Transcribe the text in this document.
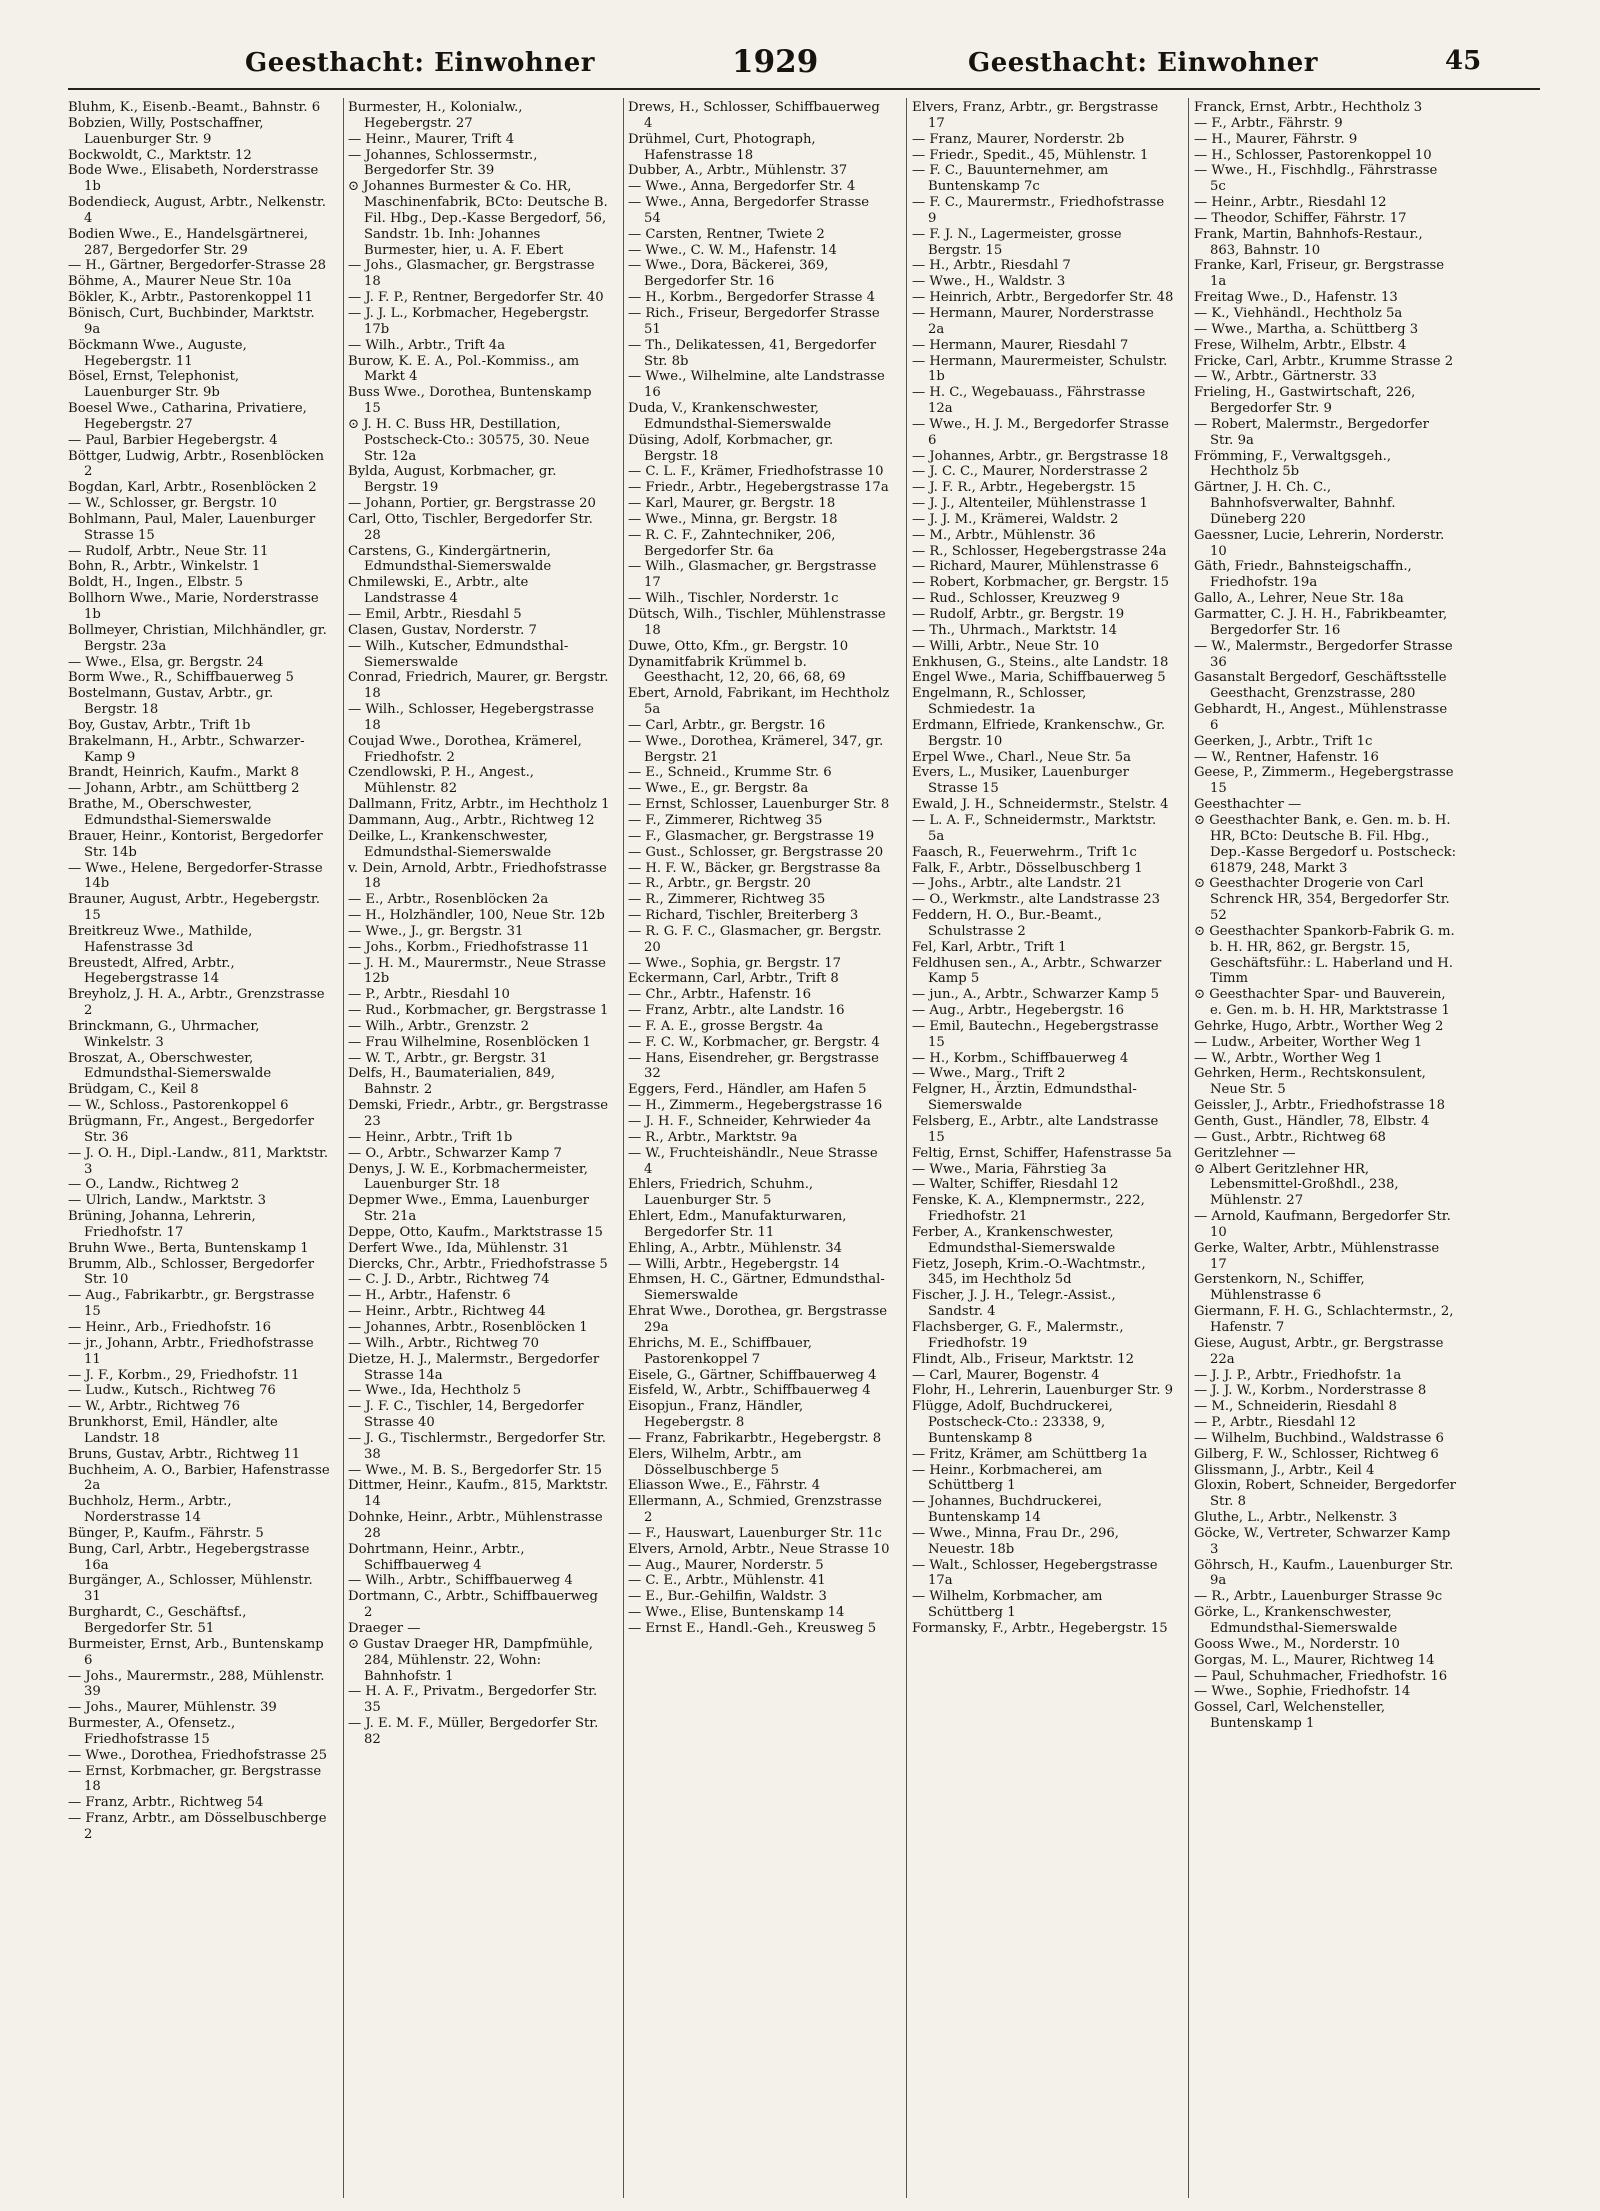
Geesthacht: Einwohner	1929	Geesthacht: Einwohner	45
Bluhm, K., Eisenb.-Beamt., Bahnstr. 6
Bobzien, Willy, Postschaffner, Lauenburger Str. 9
Bockwoldt, C., Marktstr. 12
Bode Wwe., Elisabeth, Norderstrasse 1b
Bodendieck, August, Arbtr., Nelkenstr. 4
Bodien Wwe., E., Handelsgärtnerei, 287, Bergedorfer Str. 29
— H., Gärtner, Bergedorfer-Strasse 28
Böhme, A., Maurer Neue Str. 10a
Bökler, K., Arbtr., Pastorenkoppel 11
Bönisch, Curt, Buchbinder, Marktstr. 9a
Böckmann Wwe., Auguste, Hegebergstr. 11
Bösel, Ernst, Telephonist, Lauenburger Str. 9b
Boesel Wwe., Catharina, Privatiere, Hegebergstr. 27
— Paul, Barbier Hegebergstr. 4
Böttger, Ludwig, Arbtr., Rosenblöcken 2
Bogdan, Karl, Arbtr., Rosenblöcken 2
— W., Schlosser, gr. Bergstr. 10
Bohlmann, Paul, Maler, Lauenburger Strasse 15
— Rudolf, Arbtr., Neue Str. 11
Bohn, R., Arbtr., Winkelstr. 1
Boldt, H., Ingen., Elbstr. 5
Bollhorn Wwe., Marie, Norderstrasse 1b
Bollmeyer, Christian, Milchhändler, gr. Bergstr. 23a
— Wwe., Elsa, gr. Bergstr. 24
Borm Wwe., R., Schiffbauerweg 5
Bostelmann, Gustav, Arbtr., gr. Bergstr. 18
Boy, Gustav, Arbtr., Trift 1b
Brakelmann, H., Arbtr., Schwarzer-Kamp 9
Brandt, Heinrich, Kaufm., Markt 8
— Johann, Arbtr., am Schüttberg 2
Brathe, M., Oberschwester, Edmundsthal-Siemerswalde
Brauer, Heinr., Kontorist, Bergedorfer Str. 14b
— Wwe., Helene, Bergedorfer-Strasse 14b
Brauner, August, Arbtr., Hegebergstr. 15
Breitkreuz Wwe., Mathilde, Hafenstrasse 3d
Breustedt, Alfred, Arbtr., Hegebergstrasse 14
Breyholz, J. H. A., Arbtr., Grenzstrasse 2
Brinckmann, G., Uhrmacher, Winkelstr. 3
Broszat, A., Oberschwester, Edmundsthal-Siemerswalde
Brüdgam, C., Keil 8
— W., Schloss., Pastorenkoppel 6
Brügmann, Fr., Angest., Bergedorfer Str. 36
— J. O. H., Dipl.-Landw., 811, Marktstr. 3
— O., Landw., Richtweg 2
— Ulrich, Landw., Marktstr. 3
Brüning, Johanna, Lehrerin, Friedhofstr. 17
Bruhn Wwe., Berta, Buntenskamp 1
Brumm, Alb., Schlosser, Bergedorfer Str. 10
— Aug., Fabrikarbtr., gr. Bergstrasse 15
— Heinr., Arb., Friedhofstr. 16
— jr., Johann, Arbtr., Friedhofstrasse 11
— J. F., Korbm., 29, Friedhofstr. 11
— Ludw., Kutsch., Richtweg 76
— W., Arbtr., Richtweg 76
Brunkhorst, Emil, Händler, alte Landstr. 18
Bruns, Gustav, Arbtr., Richtweg 11
Buchheim, A. O., Barbier, Hafenstrasse 2a
Buchholz, Herm., Arbtr., Norderstrasse 14
Bünger, P., Kaufm., Fährstr. 5
Bung, Carl, Arbtr., Hegebergstrasse 16a
Burgänger, A., Schlosser, Mühlenstr. 31
Burghardt, C., Geschäftsf., Bergedorfer Str. 51
Burmeister, Ernst, Arb., Buntenskamp 6
— Johs., Maurermstr., 288, Mühlenstr. 39
— Johs., Maurer, Mühlenstr. 39
Burmester, A., Ofensetz., Friedhofstrasse 15
— Wwe., Dorothea, Friedhofstrasse 25
— Ernst, Korbmacher, gr. Bergstrasse 18
— Franz, Arbtr., Richtweg 54
— Franz, Arbtr., am Dösselbuschberge 2
Burmester, H., Kolonialw., Hegebergstr. 27
— Heinr., Maurer, Trift 4
— Johannes, Schlossermstr., Bergedorfer Str. 39
⊙ Johannes Burmester & Co. HR, Maschinenfabrik, BCto: Deutsche B. Fil. Hbg., Dep.-Kasse Bergedorf, 56, Sandstr. 1b. Inh: Johannes Burmester, hier, u. A. F. Ebert
— Johs., Glasmacher, gr. Bergstrasse 18
— J. F. P., Rentner, Bergedorfer Str. 40
— J. J. L., Korbmacher, Hegebergstr. 17b
— Wilh., Arbtr., Trift 4a
Burow, K. E. A., Pol.-Kommiss., am Markt 4
Buss Wwe., Dorothea, Buntenskamp 15
⊙ J. H. C. Buss HR, Destillation, Postscheck-Cto.: 30575, 30. Neue Str. 12a
Bylda, August, Korbmacher, gr. Bergstr. 19
— Johann, Portier, gr. Bergstrasse 20
Carl, Otto, Tischler, Bergedorfer Str. 28
Carstens, G., Kindergärtnerin, Edmundsthal-Siemerswalde
Chmilewski, E., Arbtr., alte Landstrasse 4
— Emil, Arbtr., Riesdahl 5
Clasen, Gustav, Norderstr. 7
— Wilh., Kutscher, Edmundsthal-Siemerswalde
Conrad, Friedrich, Maurer, gr. Bergstr. 18
— Wilh., Schlosser, Hegebergstrasse 18
Coujad Wwe., Dorothea, Krämerel, Friedhofstr. 2
Czendlowski, P. H., Angest., Mühlenstr. 82
Dallmann, Fritz, Arbtr., im Hechtholz 1
Dammann, Aug., Arbtr., Richtweg 12
Deilke, L., Krankenschwester, Edmundsthal-Siemerswalde
v. Dein, Arnold, Arbtr., Friedhofstrasse 18
— E., Arbtr., Rosenblöcken 2a
— H., Holzhändler, 100, Neue Str. 12b
— Wwe., J., gr. Bergstr. 31
— Johs., Korbm., Friedhofstrasse 11
— J. H. M., Maurermstr., Neue Strasse 12b
— P., Arbtr., Riesdahl 10
— Rud., Korbmacher, gr. Bergstrasse 1
— Wilh., Arbtr., Grenzstr. 2
— Frau Wilhelmine, Rosenblöcken 1
— W. T., Arbtr., gr. Bergstr. 31
Delfs, H., Baumaterialien, 849, Bahnstr. 2
Demski, Friedr., Arbtr., gr. Bergstrasse 23
— Heinr., Arbtr., Trift 1b
— O., Arbtr., Schwarzer Kamp 7
Denys, J. W. E., Korbmachermeister, Lauenburger Str. 18
Depmer Wwe., Emma, Lauenburger Str. 21a
Deppe, Otto, Kaufm., Marktstrasse 15
Derfert Wwe., Ida, Mühlenstr. 31
Diercks, Chr., Arbtr., Friedhofstrasse 5
— C. J. D., Arbtr., Richtweg 74
— H., Arbtr., Hafenstr. 6
— Heinr., Arbtr., Richtweg 44
— Johannes, Arbtr., Rosenblöcken 1
— Wilh., Arbtr., Richtweg 70
Dietze, H. J., Malermstr., Bergedorfer Strasse 14a
— Wwe., Ida, Hechtholz 5
— J. F. C., Tischler, 14, Bergedorfer Strasse 40
— J. G., Tischlermstr., Bergedorfer Str. 38
— Wwe., M. B. S., Bergedorfer Str. 15
Dittmer, Heinr., Kaufm., 815, Marktstr. 14
Dohnke, Heinr., Arbtr., Mühlenstrasse 28
Dohrtmann, Heinr., Arbtr., Schiffbauerweg 4
— Wilh., Arbtr., Schiffbauerweg 4
Dortmann, C., Arbtr., Schiffbauerweg 2
Draeger —
⊙ Gustav Draeger HR, Dampfmühle, 284, Mühlenstr. 22, Wohn: Bahnhofstr. 1
— H. A. F., Privatm., Bergedorfer Str. 35
— J. E. M. F., Müller, Bergedorfer Str. 82
Drews, H., Schlosser, Schiffbauerweg 4
Drühmel, Curt, Photograph, Hafenstrasse 18
Dubber, A., Arbtr., Mühlenstr. 37
— Wwe., Anna, Bergedorfer Str. 4
— Wwe., Anna, Bergedorfer Strasse 54
— Carsten, Rentner, Twiete 2
— Wwe., C. W. M., Hafenstr. 14
— Wwe., Dora, Bäckerei, 369, Bergedorfer Str. 16
— H., Korbm., Bergedorfer Strasse 4
— Rich., Friseur, Bergedorfer Strasse 51
— Th., Delikatessen, 41, Bergedorfer Str. 8b
— Wwe., Wilhelmine, alte Landstrasse 16
Duda, V., Krankenschwester, Edmundsthal-Siemerswalde
Düsing, Adolf, Korbmacher, gr. Bergstr. 18
— C. L. F., Krämer, Friedhofstrasse 10
— Friedr., Arbtr., Hegebergstrasse 17a
— Karl, Maurer, gr. Bergstr. 18
— Wwe., Minna, gr. Bergstr. 18
— R. C. F., Zahntechniker, 206, Bergedorfer Str. 6a
— Wilh., Glasmacher, gr. Bergstrasse 17
— Wilh., Tischler, Norderstr. 1c
Dütsch, Wilh., Tischler, Mühlenstrasse 18
Duwe, Otto, Kfm., gr. Bergstr. 10
Dynamitfabrik Krümmel b. Geesthacht, 12, 20, 66, 68, 69
Ebert, Arnold, Fabrikant, im Hechtholz 5a
— Carl, Arbtr., gr. Bergstr. 16
— Wwe., Dorothea, Krämerel, 347, gr. Bergstr. 21
— E., Schneid., Krumme Str. 6
— Wwe., E., gr. Bergstr. 8a
— Ernst, Schlosser, Lauenburger Str. 8
— F., Zimmerer, Richtweg 35
— F., Glasmacher, gr. Bergstrasse 19
— Gust., Schlosser, gr. Bergstrasse 20
— H. F. W., Bäcker, gr. Bergstrasse 8a
— R., Arbtr., gr. Bergstr. 20
— R., Zimmerer, Richtweg 35
— Richard, Tischler, Breiterberg 3
— R. G. F. C., Glasmacher, gr. Bergstr. 20
— Wwe., Sophia, gr. Bergstr. 17
Eckermann, Carl, Arbtr., Trift 8
— Chr., Arbtr., Hafenstr. 16
— Franz, Arbtr., alte Landstr. 16
— F. A. E., grosse Bergstr. 4a
— F. C. W., Korbmacher, gr. Bergstr. 4
— Hans, Eisendreher, gr. Bergstrasse 32
Eggers, Ferd., Händler, am Hafen 5
— H., Zimmerm., Hegebergstrasse 16
— J. H. F., Schneider, Kehrwieder 4a
— R., Arbtr., Marktstr. 9a
— W., Fruchteishändlr., Neue Strasse 4
Ehlers, Friedrich, Schuhm., Lauenburger Str. 5
Ehlert, Edm., Manufakturwaren, Bergedorfer Str. 11
Ehling, A., Arbtr., Mühlenstr. 34
— Willi, Arbtr., Hegebergstr. 14
Ehmsen, H. C., Gärtner, Edmundsthal-Siemerswalde
Ehrat Wwe., Dorothea, gr. Bergstrasse 29a
Ehrichs, M. E., Schiffbauer, Pastorenkoppel 7
Eisele, G., Gärtner, Schiffbauerweg 4
Eisfeld, W., Arbtr., Schiffbauerweg 4
Eisopjun., Franz, Händler, Hegebergstr. 8
— Franz, Fabrikarbtr., Hegebergstr. 8
Elers, Wilhelm, Arbtr., am Dösselbuschberge 5
Eliasson Wwe., E., Fährstr. 4
Ellermann, A., Schmied, Grenzstrasse 2
— F., Hauswart, Lauenburger Str. 11c
Elvers, Arnold, Arbtr., Neue Strasse 10
— Aug., Maurer, Norderstr. 5
— C. E., Arbtr., Mühlenstr. 41
— E., Bur.-Gehilfin, Waldstr. 3
— Wwe., Elise, Buntenskamp 14
— Ernst E., Handl.-Geh., Kreusweg 5
Elvers, Franz, Arbtr., gr. Bergstrasse 17
— Franz, Maurer, Norderstr. 2b
— Friedr., Spedit., 45, Mühlenstr. 1
— F. C., Bauunternehmer, am Buntenskamp 7c
— F. C., Maurermstr., Friedhofstrasse 9
— F. J. N., Lagermeister, grosse Bergstr. 15
— H., Arbtr., Riesdahl 7
— Wwe., H., Waldstr. 3
— Heinrich, Arbtr., Bergedorfer Str. 48
— Hermann, Maurer, Norderstrasse 2a
— Hermann, Maurer, Riesdahl 7
— Hermann, Maurermeister, Schulstr. 1b
— H. C., Wegebauass., Fährstrasse 12a
— Wwe., H. J. M., Bergedorfer Strasse 6
— Johannes, Arbtr., gr. Bergstrasse 18
— J. C. C., Maurer, Norderstrasse 2
— J. F. R., Arbtr., Hegebergstr. 15
— J. J., Altenteiler, Mühlenstrasse 1
— J. J. M., Krämerei, Waldstr. 2
— M., Arbtr., Mühlenstr. 36
— R., Schlosser, Hegebergstrasse 24a
— Richard, Maurer, Mühlenstrasse 6
— Robert, Korbmacher, gr. Bergstr. 15
— Rud., Schlosser, Kreuzweg 9
— Rudolf, Arbtr., gr. Bergstr. 19
— Th., Uhrmach., Marktstr. 14
— Willi, Arbtr., Neue Str. 10
Enkhusen, G., Steins., alte Landstr. 18
Engel Wwe., Maria, Schiffbauerweg 5
Engelmann, R., Schlosser, Schmiedestr. 1a
Erdmann, Elfriede, Krankenschw., Gr. Bergstr. 10
Erpel Wwe., Charl., Neue Str. 5a
Evers, L., Musiker, Lauenburger Strasse 15
Ewald, J. H., Schneidermstr., Stelstr. 4
— L. A. F., Schneidermstr., Marktstr. 5a
Faasch, R., Feuerwehrm., Trift 1c
Falk, F., Arbtr., Dösselbuschberg 1
— Johs., Arbtr., alte Landstr. 21
— O., Werkmstr., alte Landstrasse 23
Feddern, H. O., Bur.-Beamt., Schulstrasse 2
Fel, Karl, Arbtr., Trift 1
Feldhusen sen., A., Arbtr., Schwarzer Kamp 5
— jun., A., Arbtr., Schwarzer Kamp 5
— Aug., Arbtr., Hegebergstr. 16
— Emil, Bautechn., Hegebergstrasse 15
— H., Korbm., Schiffbauerweg 4
— Wwe., Marg., Trift 2
Felgner, H., Ärztin, Edmundsthal-Siemerswalde
Felsberg, E., Arbtr., alte Landstrasse 15
Feltig, Ernst, Schiffer, Hafenstrasse 5a
— Wwe., Maria, Fährstieg 3a
— Walter, Schiffer, Riesdahl 12
Fenske, K. A., Klempnermstr., 222, Friedhofstr. 21
Ferber, A., Krankenschwester, Edmundsthal-Siemerswalde
Fietz, Joseph, Krim.-O.-Wachtmstr., 345, im Hechtholz 5d
Fischer, J. J. H., Telegr.-Assist., Sandstr. 4
Flachsberger, G. F., Malermstr., Friedhofstr. 19
Flindt, Alb., Friseur, Marktstr. 12
— Carl, Maurer, Bogenstr. 4
Flohr, H., Lehrerin, Lauenburger Str. 9
Flügge, Adolf, Buchdruckerei, Postscheck-Cto.: 23338, 9, Buntenskamp 8
— Fritz, Krämer, am Schüttberg 1a
— Heinr., Korbmacherei, am Schüttberg 1
— Johannes, Buchdruckerei, Buntenskamp 14
— Wwe., Minna, Frau Dr., 296, Neuestr. 18b
— Walt., Schlosser, Hegebergstrasse 17a
— Wilhelm, Korbmacher, am Schüttberg 1
Formansky, F., Arbtr., Hegebergstr. 15
Franck, Ernst, Arbtr., Hechtholz 3
— F., Arbtr., Fährstr. 9
— H., Maurer, Fährstr. 9
— H., Schlosser, Pastorenkoppel 10
— Wwe., H., Fischhdlg., Fährstrasse 5c
— Heinr., Arbtr., Riesdahl 12
— Theodor, Schiffer, Fährstr. 17
Frank, Martin, Bahnhofs-Restaur., 863, Bahnstr. 10
Franke, Karl, Friseur, gr. Bergstrasse 1a
Freitag Wwe., D., Hafenstr. 13
— K., Viehhändl., Hechtholz 5a
— Wwe., Martha, a. Schüttberg 3
Frese, Wilhelm, Arbtr., Elbstr. 4
Fricke, Carl, Arbtr., Krumme Strasse 2
— W., Arbtr., Gärtnerstr. 33
Frieling, H., Gastwirtschaft, 226, Bergedorfer Str. 9
— Robert, Malermstr., Bergedorfer Str. 9a
Frömming, F., Verwaltgsgeh., Hechtholz 5b
Gärtner, J. H. Ch. C., Bahnhofsverwalter, Bahnhf. Düneberg 220
Gaessner, Lucie, Lehrerin, Norderstr. 10
Gäth, Friedr., Bahnsteigschaffn., Friedhofstr. 19a
Gallo, A., Lehrer, Neue Str. 18a
Garmatter, C. J. H. H., Fabrikbeamter, Bergedorfer Str. 16
— W., Malermstr., Bergedorfer Strasse 36
Gasanstalt Bergedorf, Geschäftsstelle Geesthacht, Grenzstrasse, 280
Gebhardt, H., Angest., Mühlenstrasse 6
Geerken, J., Arbtr., Trift 1c
— W., Rentner, Hafenstr. 16
Geese, P., Zimmerm., Hegebergstrasse 15
Geesthachter —
⊙ Geesthachter Bank, e. Gen. m. b. H. HR, BCto: Deutsche B. Fil. Hbg., Dep.-Kasse Bergedorf u. Postscheck: 61879, 248, Markt 3
⊙ Geesthachter Drogerie von Carl Schrenck HR, 354, Bergedorfer Str. 52
⊙ Geesthachter Spankorb-Fabrik G. m. b. H. HR, 862, gr. Bergstr. 15, Geschäftsführ.: L. Haberland und H. Timm
⊙ Geesthachter Spar- und Bauverein, e. Gen. m. b. H. HR, Marktstrasse 1
Gehrke, Hugo, Arbtr., Worther Weg 2
— Ludw., Arbeiter, Worther Weg 1
— W., Arbtr., Worther Weg 1
Gehrken, Herm., Rechtskonsulent, Neue Str. 5
Geissler, J., Arbtr., Friedhofstrasse 18
Genth, Gust., Händler, 78, Elbstr. 4
— Gust., Arbtr., Richtweg 68
Geritzlehner —
⊙ Albert Geritzlehner HR, Lebensmittel-Großhdl., 238, Mühlenstr. 27
— Arnold, Kaufmann, Bergedorfer Str. 10
Gerke, Walter, Arbtr., Mühlenstrasse 17
Gerstenkorn, N., Schiffer, Mühlenstrasse 6
Giermann, F. H. G., Schlachtermstr., 2, Hafenstr. 7
Giese, August, Arbtr., gr. Bergstrasse 22a
— J. J. P., Arbtr., Friedhofstr. 1a
— J. J. W., Korbm., Norderstrasse 8
— M., Schneiderin, Riesdahl 8
— P., Arbtr., Riesdahl 12
— Wilhelm, Buchbind., Waldstrasse 6
Gilberg, F. W., Schlosser, Richtweg 6
Glissmann, J., Arbtr., Keil 4
Gloxin, Robert, Schneider, Bergedorfer Str. 8
Gluthe, L., Arbtr., Nelkenstr. 3
Göcke, W., Vertreter, Schwarzer Kamp 3
Göhrsch, H., Kaufm., Lauenburger Str. 9a
— R., Arbtr., Lauenburger Strasse 9c
Görke, L., Krankenschwester, Edmundsthal-Siemerswalde
Gooss Wwe., M., Norderstr. 10
Gorgas, M. L., Maurer, Richtweg 14
— Paul, Schuhmacher, Friedhofstr. 16
— Wwe., Sophie, Friedhofstr. 14
Gossel, Carl, Welchensteller, Buntenskamp 1
